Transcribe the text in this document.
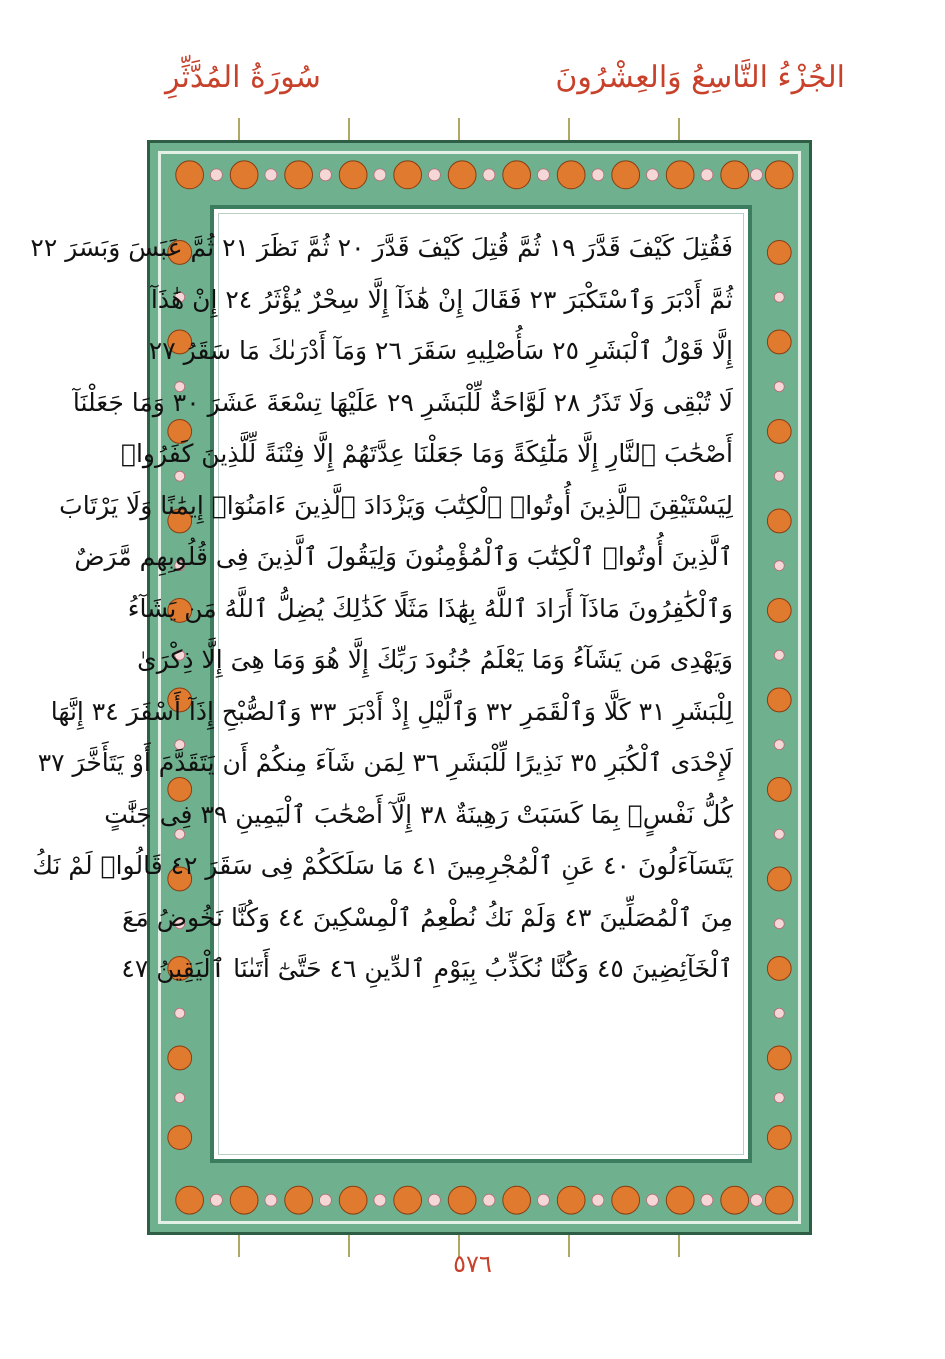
الجُزْءُ التَّاسِعُ وَالعِشْرُونَ
سُورَةُ المُدَّثِّرِ
فَقُتِلَ كَيْفَ قَدَّرَ ١٩ ثُمَّ قُتِلَ كَيْفَ قَدَّرَ ٢٠ ثُمَّ نَظَرَ ٢١ ثُمَّ عَبَسَ وَبَسَرَ ٢٢
ثُمَّ أَدْبَرَ وَٱسْتَكْبَرَ ٢٣ فَقَالَ إِنْ هَٰذَآ إِلَّا سِحْرٌ يُؤْثَرُ ٢٤ إِنْ هَٰذَآ
إِلَّا قَوْلُ ٱلْبَشَرِ ٢٥ سَأُصْلِيهِ سَقَرَ ٢٦ وَمَآ أَدْرَىٰكَ مَا سَقَرُ ٢٧
لَا تُبْقِى وَلَا تَذَرُ ٢٨ لَوَّاحَةٌ لِّلْبَشَرِ ٢٩ عَلَيْهَا تِسْعَةَ عَشَرَ ٣٠ وَمَا جَعَلْنَآ
أَصْحَٰبَ ٱلنَّارِ إِلَّا مَلَٰٓئِكَةً وَمَا جَعَلْنَا عِدَّتَهُمْ إِلَّا فِتْنَةً لِّلَّذِينَ كَفَرُوا۟
لِيَسْتَيْقِنَ ٱلَّذِينَ أُوتُوا۟ ٱلْكِتَٰبَ وَيَزْدَادَ ٱلَّذِينَ ءَامَنُوٓا۟ إِيمَٰنًا وَلَا يَرْتَابَ
ٱلَّذِينَ أُوتُوا۟ ٱلْكِتَٰبَ وَٱلْمُؤْمِنُونَ وَلِيَقُولَ ٱلَّذِينَ فِى قُلُوبِهِم مَّرَضٌ
وَٱلْكَٰفِرُونَ مَاذَآ أَرَادَ ٱللَّهُ بِهَٰذَا مَثَلًا كَذَٰلِكَ يُضِلُّ ٱللَّهُ مَن يَشَآءُ
وَيَهْدِى مَن يَشَآءُ وَمَا يَعْلَمُ جُنُودَ رَبِّكَ إِلَّا هُوَ وَمَا هِىَ إِلَّا ذِكْرَىٰ
لِلْبَشَرِ ٣١ كَلَّا وَٱلْقَمَرِ ٣٢ وَٱلَّيْلِ إِذْ أَدْبَرَ ٣٣ وَٱلصُّبْحِ إِذَآ أَسْفَرَ ٣٤ إِنَّهَا
لَإِحْدَى ٱلْكُبَرِ ٣٥ نَذِيرًا لِّلْبَشَرِ ٣٦ لِمَن شَآءَ مِنكُمْ أَن يَتَقَدَّمَ أَوْ يَتَأَخَّرَ ٣٧
كُلُّ نَفْسٍۭ بِمَا كَسَبَتْ رَهِينَةٌ ٣٨ إِلَّآ أَصْحَٰبَ ٱلْيَمِينِ ٣٩ فِى جَنَّٰتٍ
يَتَسَآءَلُونَ ٤٠ عَنِ ٱلْمُجْرِمِينَ ٤١ مَا سَلَكَكُمْ فِى سَقَرَ ٤٢ قَالُوا۟ لَمْ نَكُ
مِنَ ٱلْمُصَلِّينَ ٤٣ وَلَمْ نَكُ نُطْعِمُ ٱلْمِسْكِينَ ٤٤ وَكُنَّا نَخُوضُ مَعَ
ٱلْخَآئِضِينَ ٤٥ وَكُنَّا نُكَذِّبُ بِيَوْمِ ٱلدِّينِ ٤٦ حَتَّىٰٓ أَتَىٰنَا ٱلْيَقِينُ ٤٧
٥٧٦
